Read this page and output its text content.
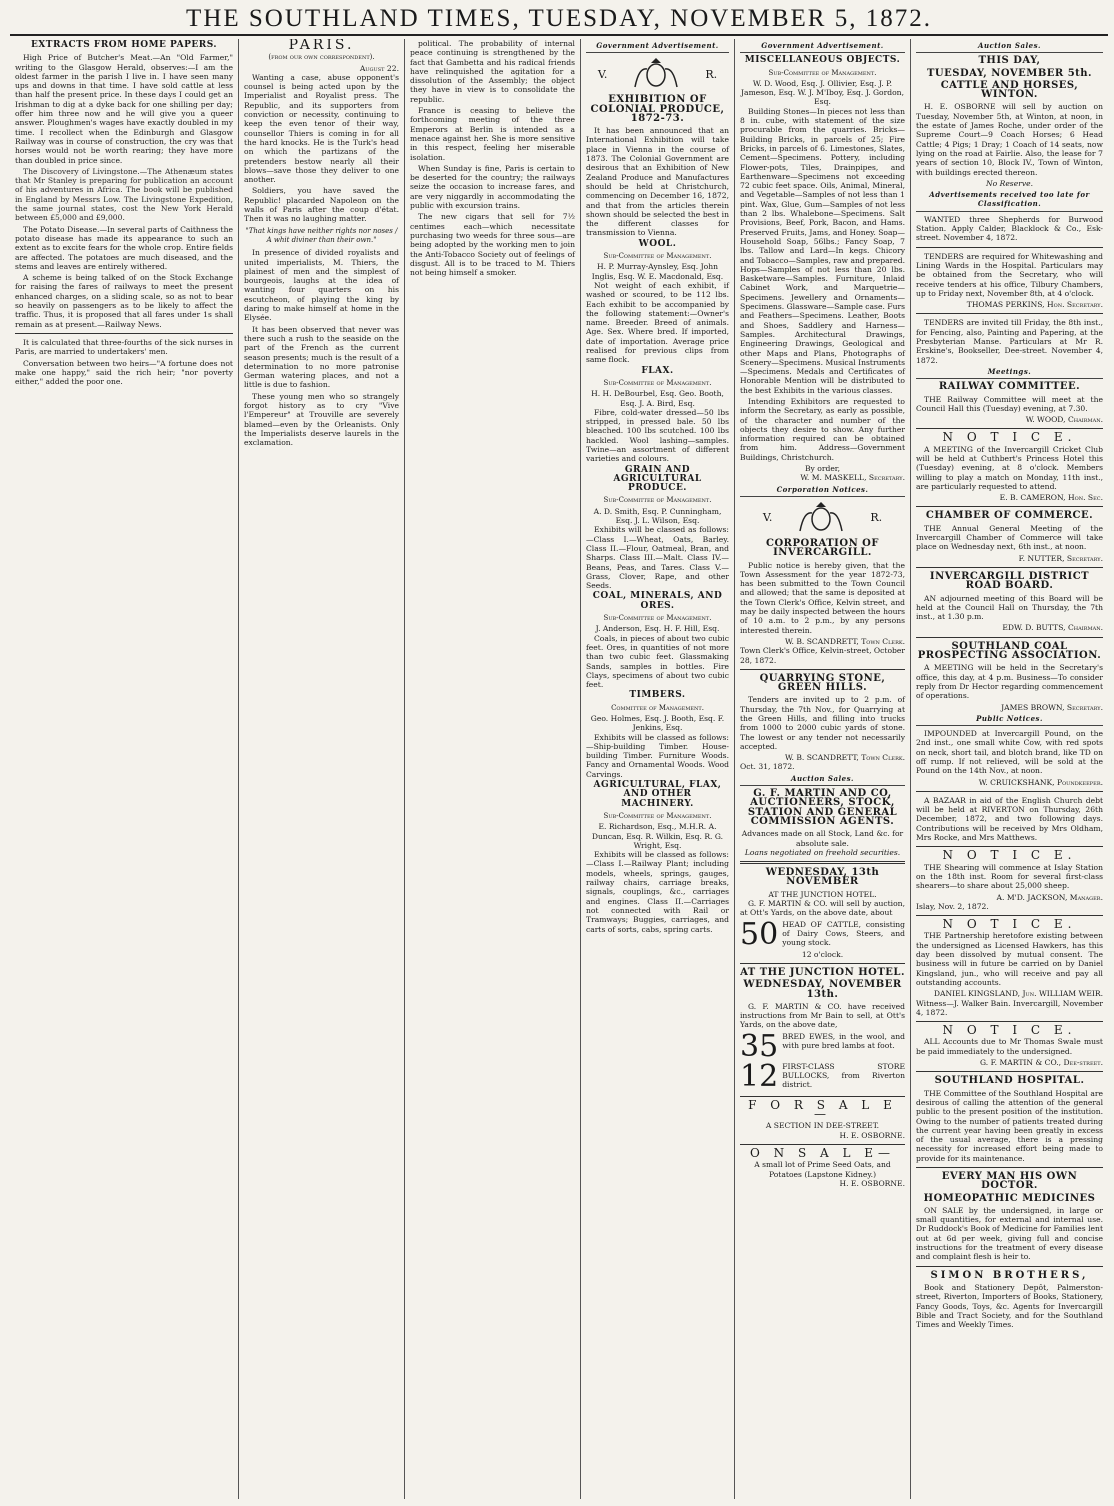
THE SOUTHLAND TIMES, TUESDAY, NOVEMBER 5, 1872.
EXTRACTS FROM HOME PAPERS.

High Price of Butcher's Meat.—An "Old Farmer," writing to the Glasgow Herald, observes:—I am the oldest farmer in the parish I live in. I have seen many ups and downs in that time. I have sold cattle at less than half the present price. In these days I could get an Irishman to dig at a dyke back for one shilling per day; offer him three now and he will give you a queer answer. Ploughmen's wages have exactly doubled in my time. I recollect when the Edinburgh and Glasgow Railway was in course of construction, the cry was that horses would not be worth rearing; they have more than doubled in price since.

The Discovery of Livingstone.—The Athenæum states that Mr Stanley is preparing for publication an account of his adventures in Africa. The book will be published in England by Messrs Low. The Livingstone Expedition, the same journal states, cost the New York Herald between £5,000 and £9,000.

The Potato Disease.—In several parts of Caithness the potato disease has made its appearance to such an extent as to excite fears for the whole crop. Entire fields are affected. The potatoes are much diseased, and the stems and leaves are entirely withered.

A scheme is being talked of on the Stock Exchange for raising the fares of railways to meet the present enhanced charges, on a sliding scale, so as not to bear so heavily on passengers as to be likely to affect the traffic. Thus, it is proposed that all fares under 1s shall remain as at present.—Railway News.

It is calculated that three-fourths of the sick nurses in Paris, are married to undertakers' men.

Conversation between two heirs—"A fortune does not make one happy," said the rich heir; "nor poverty either," added the poor one.

PARIS.
(from our own correspondent).
August 22.

Wanting a case, abuse opponent's counsel is being acted upon by the Imperialist and Royalist press. The Republic, and its supporters from conviction or necessity, continuing to keep the even tenor of their way, counsellor Thiers is coming in for all the hard knocks. He is the Turk's head on which the partizans of the pretenders bestow nearly all their blows—save those they deliver to one another.

Soldiers, you have saved the Republic! placarded Napoleon on the walls of Paris after the coup d'état. Then it was no laughing matter.

"That kings have neither rights nor noses / A whit diviner than their own."

In presence of divided royalists and united imperialists, M. Thiers, the plainest of men and the simplest of bourgeois, laughs at the idea of wanting four quarters on his escutcheon, of playing the king by daring to make himself at home in the Elysée.

It has been observed that never was there such a rush to the seaside on the part of the French as the current season presents; much is the result of a determination to no more patronise German watering places, and not a little is due to fashion.

These young men who so strangely forgot history as to cry "Vive l'Empereur" at Trouville are severely blamed—even by the Orleanists. Only the Imperialists deserve laurels in the exclamation.

political. The probability of internal peace continuing is strengthened by the fact that Gambetta and his radical friends have relinquished the agitation for a dissolution of the Assembly; the object they have in view is to consolidate the republic.

France is ceasing to believe the forthcoming meeting of the three Emperors at Berlin is intended as a menace against her. She is more sensitive in this respect, feeling her miserable isolation.

When Sunday is fine, Paris is certain to be deserted for the country; the railways seize the occasion to increase fares, and are very niggardly in accommodating the public with excursion trains.

The new cigars that sell for 7½ centimes each—which necessitate purchasing two weeds for three sous—are being adopted by the working men to join the Anti-Tobacco Society out of feelings of disgust. All is to be traced to M. Thiers not being himself a smoker.

Government Advertisement.
V.	R.
EXHIBITION OF COLONIAL PRODUCE, 1872-73.

It has been announced that an International Exhibition will take place in Vienna in the course of 1873. The Colonial Government are desirous that an Exhibition of New Zealand Produce and Manufactures should be held at Christchurch, commencing on December 16, 1872, and that from the articles therein shown should be selected the best in the different classes for transmission to Vienna.

WOOL.
Sub-Committee of Management.
H. P. Murray-Aynsley, Esq. John Inglis, Esq. W. E. Macdonald, Esq.

Not weight of each exhibit, if washed or scoured, to be 112 lbs. Each exhibit to be accompanied by the following statement:—Owner's name. Breeder. Breed of animals. Age. Sex. Where bred. If imported, date of importation. Average price realised for previous clips from same flock.

FLAX.
Sub-Committee of Management.
H. H. DeBourbel, Esq. Geo. Booth, Esq. J. A. Bird, Esq.

Fibre, cold-water dressed—50 lbs stripped, in pressed bale. 50 lbs bleached. 100 lbs scutched. 100 lbs hackled. Wool lashing—samples. Twine—an assortment of different varieties and colours.

GRAIN AND AGRICULTURAL PRODUCE.
Sub-Committee of Management.
A. D. Smith, Esq. P. Cunningham, Esq. J. L. Wilson, Esq.

Exhibits will be classed as follows:—Class I.—Wheat, Oats, Barley. Class II.—Flour, Oatmeal, Bran, and Sharps. Class III.—Malt. Class IV.—Beans, Peas, and Tares. Class V.—Grass, Clover, Rape, and other Seeds.

COAL, MINERALS, AND ORES.
Sub-Committee of Management.
J. Anderson, Esq. H. F. Hill, Esq.

Coals, in pieces of about two cubic feet. Ores, in quantities of not more than two cubic feet. Glassmaking Sands, samples in bottles. Fire Clays, specimens of about two cubic feet.

TIMBERS.
Committee of Management.
Geo. Holmes, Esq. J. Booth, Esq. F. Jenkins, Esq.

Exhibits will be classed as follows:—Ship-building Timber. House-building Timber. Furniture Woods. Fancy and Ornamental Woods. Wood Carvings.

AGRICULTURAL, FLAX, AND OTHER MACHINERY.
Sub-Committee of Management.
E. Richardson, Esq., M.H.R. A. Duncan, Esq. R. Wilkin, Esq. R. G. Wright, Esq.

Exhibits will be classed as follows:—Class I.—Railway Plant; including models, wheels, springs, gauges, railway chairs, carriage breaks, signals, couplings, &c., carriages and engines. Class II.—Carriages not connected with Rail or Tramways; Buggies, carriages, and carts of sorts, cabs, spring carts.

Government Advertisement.
MISCELLANEOUS OBJECTS.
Sub-Committee of Management.
W. D. Wood, Esq. J. Ollivier, Esq. J. P. Jameson, Esq. W. J. M'Iboy, Esq. J. Gordon, Esq.

Building Stones—In pieces not less than 8 in. cube, with statement of the size procurable from the quarries. Bricks—Building Bricks, in parcels of 25; Fire Bricks, in parcels of 6. Limestones, Slates, Cement—Specimens. Pottery, including Flower-pots, Tiles, Drainpipes, and Earthenware—Specimens not exceeding 72 cubic feet space. Oils, Animal, Mineral, and Vegetable—Samples of not less than 1 pint. Wax, Glue, Gum—Samples of not less than 2 lbs. Whalebone—Specimens. Salt Provisions, Beef, Pork, Bacon, and Hams. Preserved Fruits, Jams, and Honey. Soap—Household Soap, 56lbs.; Fancy Soap, 7 lbs. Tallow and Lard—In kegs. Chicory and Tobacco—Samples, raw and prepared. Hops—Samples of not less than 20 lbs. Basketware—Samples. Furniture, Inlaid Cabinet Work, and Marquetrie—Specimens. Jewellery and Ornaments—Specimens. Glassware—Sample case. Furs and Feathers—Specimens. Leather, Boots and Shoes, Saddlery and Harness—Samples. Architectural Drawings, Engineering Drawings, Geological and other Maps and Plans, Photographs of Scenery—Specimens. Musical Instruments—Specimens. Medals and Certificates of Honorable Mention will be distributed to the best Exhibits in the various classes.

Intending Exhibitors are requested to inform the Secretary, as early as possible, of the character and number of the objects they desire to show. Any further information required can be obtained from him. Address—Government Buildings, Christchurch.

By order,
W. M. MASKELL, Secretary.
Corporation Notices.
V.	R.
CORPORATION OF INVERCARGILL.

Public notice is hereby given, that the Town Assessment for the year 1872-73, has been submitted to the Town Council and allowed; that the same is deposited at the Town Clerk's Office, Kelvin street, and may be daily inspected between the hours of 10 a.m. to 2 p.m., by any persons interested therein.

W. B. SCANDRETT, Town Clerk.
Town Clerk's Office, Kelvin-street, October 28, 1872.
QUARRYING STONE, GREEN HILLS.

Tenders are invited up to 2 p.m. of Thursday, the 7th Nov., for Quarrying at the Green Hills, and filling into trucks from 1000 to 2000 cubic yards of stone. The lowest or any tender not necessarily accepted.

W. B. SCANDRETT, Town Clerk.
Oct. 31, 1872.
Auction Sales.
G. F. MARTIN AND CO, AUCTIONEERS, STOCK, STATION AND GENERAL COMMISSION AGENTS.
Advances made on all Stock, Land &c. for absolute sale.
Loans negotiated on freehold securities.
WEDNESDAY, 13th NOVEMBER
AT THE JUNCTION HOTEL.

G. F. MARTIN & CO. will sell by auction, at Ott's Yards, on the above date, about

50 HEAD OF CATTLE, consisting of Dairy Cows, Steers, and young stock.
12 o'clock.
AT THE JUNCTION HOTEL.
WEDNESDAY, NOVEMBER 13th.

G. F. MARTIN & CO. have received instructions from Mr Bain to sell, at Ott's Yards, on the above date,

35 BRED EWES, in the wool, and with pure bred lambs at foot.
12 FIRST-CLASS STORE BULLOCKS, from Riverton district.
F O R S A L E—
A SECTION IN DEE-STREET.
H. E. OSBORNE.
O N S A L E—
A small lot of Prime Seed Oats, and Potatoes (Lapstone Kidney.)
H. E. OSBORNE.
Auction Sales.
THIS DAY,
TUESDAY, NOVEMBER 5th.
CATTLE AND HORSES, WINTON.

H. E. OSBORNE will sell by auction on Tuesday, November 5th, at Winton, at noon, in the estate of James Roche, under order of the Supreme Court—9 Coach Horses; 6 Head Cattle; 4 Pigs; 1 Dray; 1 Coach of 14 seats, now lying on the road at Fairlie. Also, the lease for 7 years of section 10, Block IV., Town of Winton, with buildings erected thereon.

No Reserve.
Advertisements received too late for Classification.

WANTED three Shepherds for Burwood Station. Apply Calder, Blacklock & Co., Esk-street. November 4, 1872.

TENDERS are required for Whitewashing and Lining Wards in the Hospital. Particulars may be obtained from the Secretary, who will receive tenders at his office, Tilbury Chambers, up to Friday next, November 8th, at 4 o'clock.

THOMAS PERKINS, Hon. Secretary.

TENDERS are invited till Friday, the 8th inst., for Fencing, also, Painting and Papering, at the Presbyterian Manse. Particulars at Mr R. Erskine's, Bookseller, Dee-street. November 4, 1872.

Meetings.
RAILWAY COMMITTEE.

THE Railway Committee will meet at the Council Hall this (Tuesday) evening, at 7.30.

W. WOOD, Chairman.
N O T I C E.

A MEETING of the Invercargill Cricket Club will be held at Cuthbert's Princess Hotel this (Tuesday) evening, at 8 o'clock. Members willing to play a match on Monday, 11th inst., are particularly requested to attend.

E. B. CAMERON, Hon. Sec.
CHAMBER OF COMMERCE.

THE Annual General Meeting of the Invercargill Chamber of Commerce will take place on Wednesday next, 6th inst., at noon.

F. NUTTER, Secretary.
INVERCARGILL DISTRICT ROAD BOARD.

AN adjourned meeting of this Board will be held at the Council Hall on Thursday, the 7th inst., at 1.30 p.m.

EDW. D. BUTTS, Chairman.
SOUTHLAND COAL PROSPECTING ASSOCIATION.

A MEETING will be held in the Secretary's office, this day, at 4 p.m. Business—To consider reply from Dr Hector regarding commencement of operations.

JAMES BROWN, Secretary.
Public Notices.

IMPOUNDED at Invercargill Pound, on the 2nd inst., one small white Cow, with red spots on neck, short tail, and blotch brand, like TD on off rump. If not relieved, will be sold at the Pound on the 14th Nov., at noon.

W. CRUICKSHANK, Poundkeeper.

A BAZAAR in aid of the English Church debt will be held at RIVERTON on Thursday, 26th December, 1872, and two following days. Contributions will be received by Mrs Oldham, Mrs Rocke, and Mrs Matthews.

N O T I C E.

THE Shearing will commence at Islay Station on the 18th inst. Room for several first-class shearers—to share about 25,000 sheep.

A. M'D. JACKSON, Manager.
Islay, Nov. 2, 1872.
N O T I C E.

THE Partnership heretofore existing between the undersigned as Licensed Hawkers, has this day been dissolved by mutual consent. The business will in future be carried on by Daniel Kingsland, jun., who will receive and pay all outstanding accounts.

DANIEL KINGSLAND, Jun. WILLIAM WEIR.
Witness—J. Walker Bain. Invercargill, November 4, 1872.
N O T I C E.

ALL Accounts due to Mr Thomas Swale must be paid immediately to the undersigned.

G. F. MARTIN & CO., Dee-street.
SOUTHLAND HOSPITAL.

THE Committee of the Southland Hospital are desirous of calling the attention of the general public to the present position of the institution. Owing to the number of patients treated during the current year having been greatly in excess of the usual average, there is a pressing necessity for increased effort being made to provide for its maintenance.

EVERY MAN HIS OWN DOCTOR.
HOMEOPATHIC MEDICINES

ON SALE by the undersigned, in large or small quantities, for external and internal use. Dr Ruddock's Book of Medicine for Families lent out at 6d per week, giving full and concise instructions for the treatment of every disease and complaint flesh is heir to.

SIMON BROTHERS,

Book and Stationery Depôt, Palmerston-street, Riverton, Importers of Books, Stationery, Fancy Goods, Toys, &c. Agents for Invercargill Bible and Tract Society, and for the Southland Times and Weekly Times.
